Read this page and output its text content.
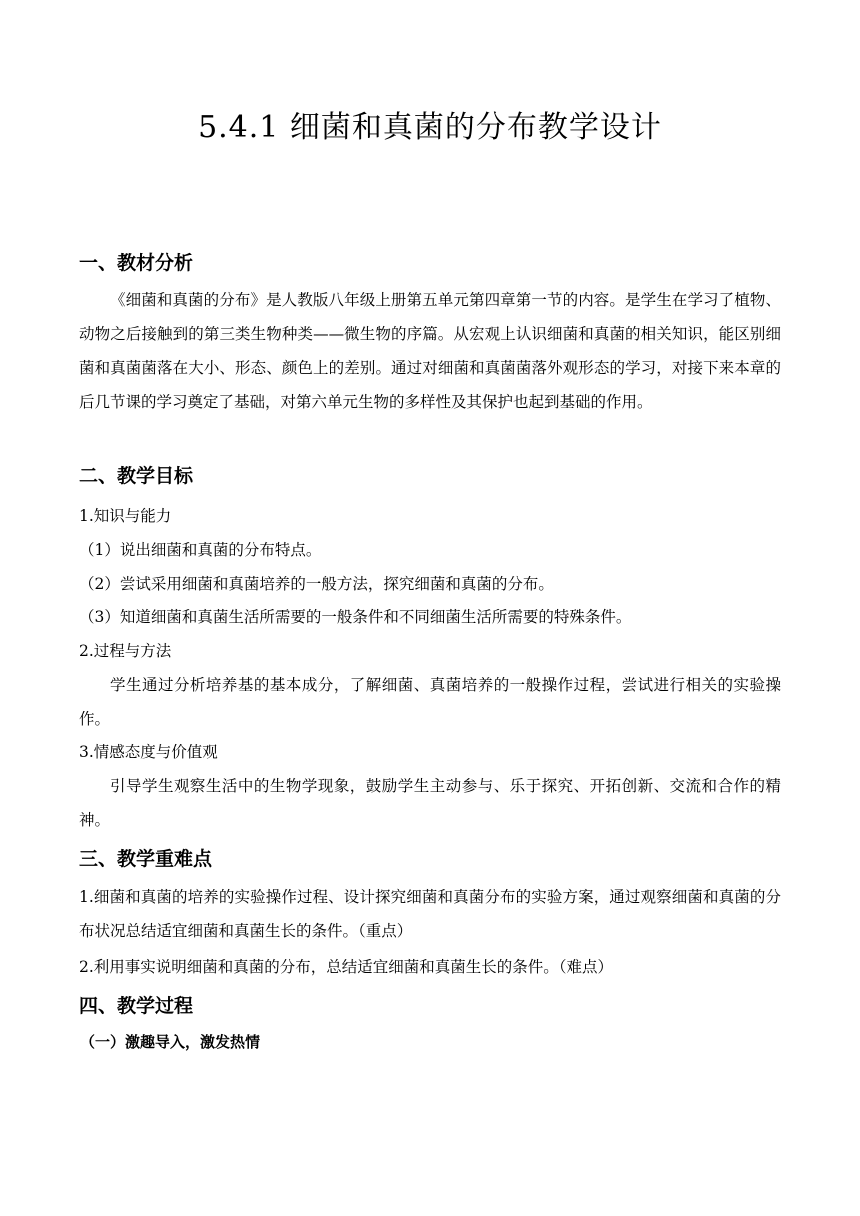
5.4.1 细菌和真菌的分布教学设计
一、教材分析
《细菌和真菌的分布》是人教版八年级上册第五单元第四章第一节的内容。是学生在学习了植物、动物之后接触到的第三类生物种类——微生物的序篇。从宏观上认识细菌和真菌的相关知识，能区别细菌和真菌菌落在大小、形态、颜色上的差别。通过对细菌和真菌菌落外观形态的学习，对接下来本章的后几节课的学习奠定了基础，对第六单元生物的多样性及其保护也起到基础的作用。
二、教学目标
1.知识与能力
（1）说出细菌和真菌的分布特点。
（2）尝试采用细菌和真菌培养的一般方法，探究细菌和真菌的分布。
（3）知道细菌和真菌生活所需要的一般条件和不同细菌生活所需要的特殊条件。
2.过程与方法
学生通过分析培养基的基本成分，了解细菌、真菌培养的一般操作过程，尝试进行相关的实验操作。
3.情感态度与价值观
引导学生观察生活中的生物学现象，鼓励学生主动参与、乐于探究、开拓创新、交流和合作的精神。
三、教学重难点
1.细菌和真菌的培养的实验操作过程、设计探究细菌和真菌分布的实验方案，通过观察细菌和真菌的分布状况总结适宜细菌和真菌生长的条件。（重点）
2.利用事实说明细菌和真菌的分布，总结适宜细菌和真菌生长的条件。（难点）
四、教学过程
（一）激趣导入，激发热情
